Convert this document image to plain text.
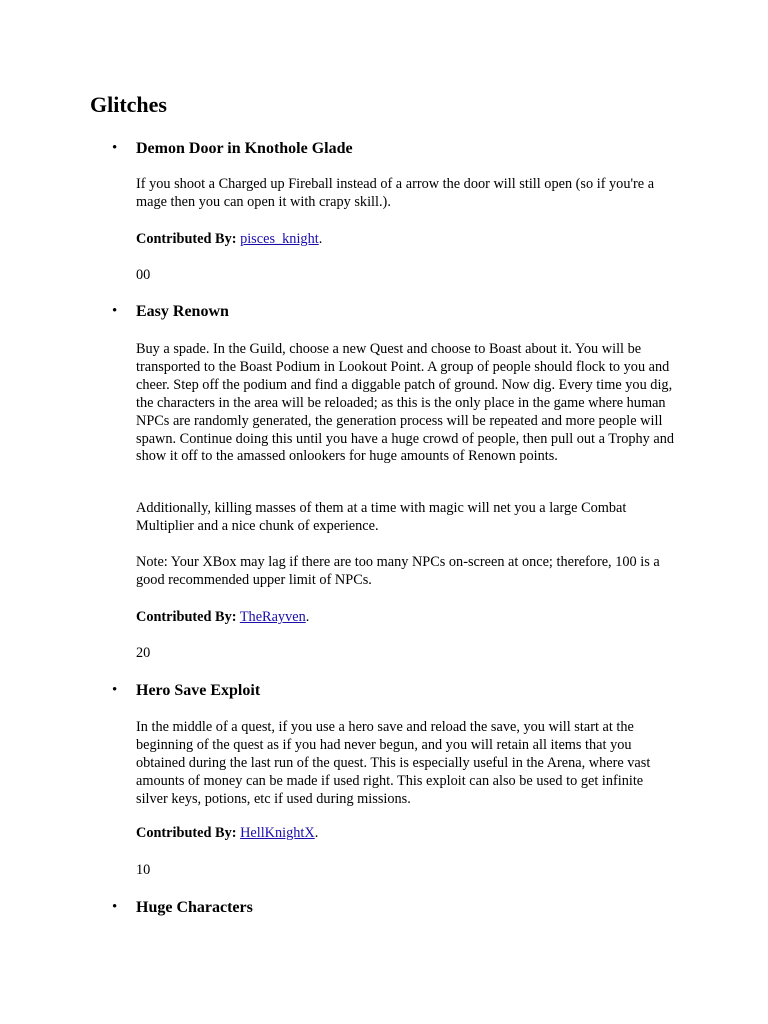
Glitches
• Demon Door in Knothole Glade

If you shoot a Charged up Fireball instead of a arrow the door will still open (so if you're a mage then you can open it with crapy skill.).

Contributed By: pisces_knight.
00
• Easy Renown

Buy a spade. In the Guild, choose a new Quest and choose to Boast about it. You will be transported to the Boast Podium in Lookout Point. A group of people should flock to you and cheer. Step off the podium and find a diggable patch of ground. Now dig. Every time you dig, the characters in the area will be reloaded; as this is the only place in the game where human NPCs are randomly generated, the generation process will be repeated and more people will spawn. Continue doing this until you have a huge crowd of people, then pull out a Trophy and show it off to the amassed onlookers for huge amounts of Renown points.

Additionally, killing masses of them at a time with magic will net you a large Combat Multiplier and a nice chunk of experience.

Note: Your XBox may lag if there are too many NPCs on-screen at once; therefore, 100 is a good recommended upper limit of NPCs.

Contributed By: TheRayven.
20
• Hero Save Exploit

In the middle of a quest, if you use a hero save and reload the save, you will start at the beginning of the quest as if you had never begun, and you will retain all items that you obtained during the last run of the quest. This is especially useful in the Arena, where vast amounts of money can be made if used right. This exploit can also be used to get infinite silver keys, potions, etc if used during missions.

Contributed By: HellKnightX.
10
• Huge Characters
